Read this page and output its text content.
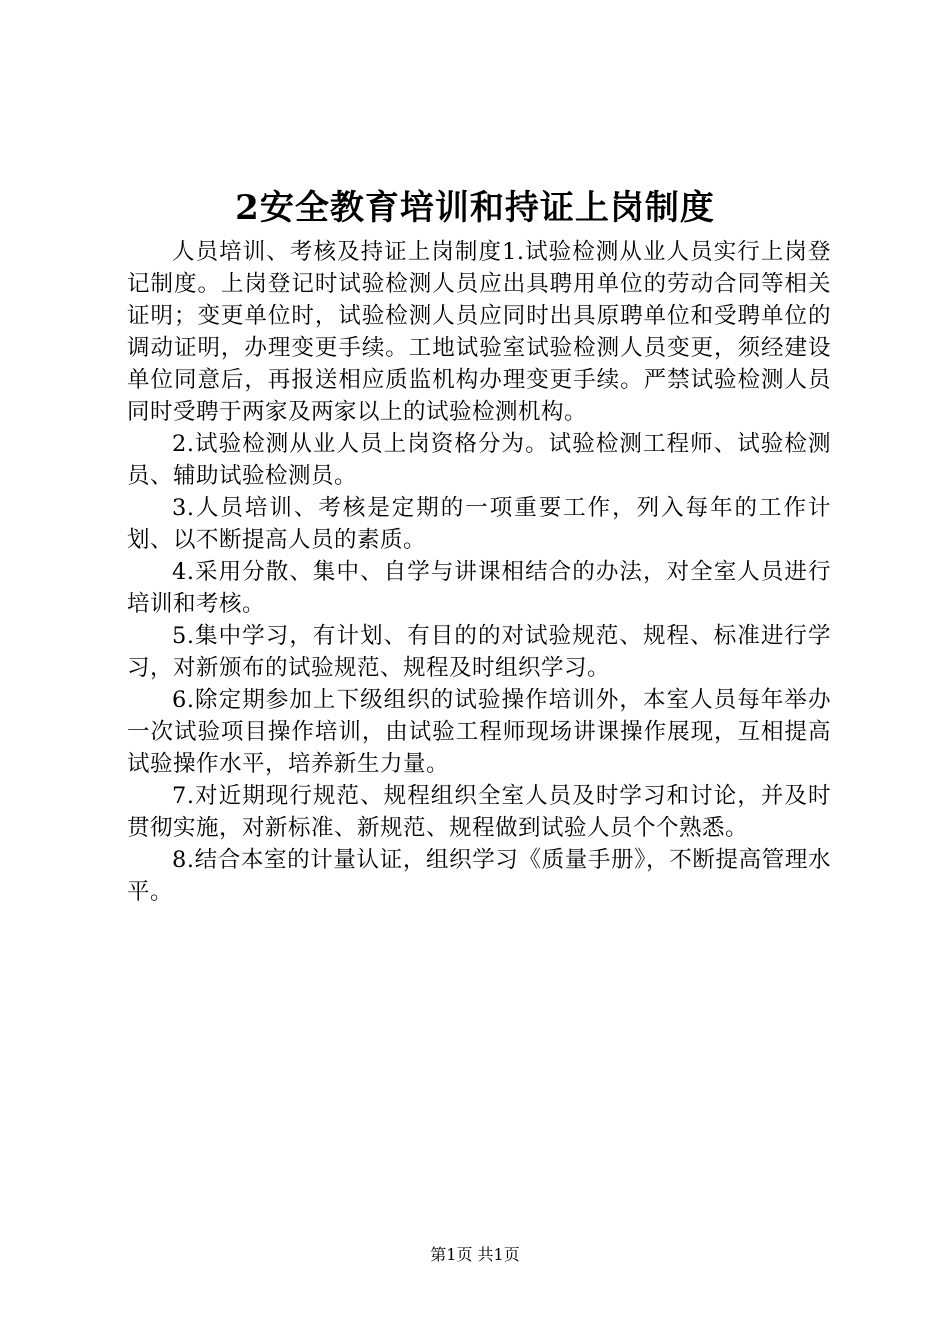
2安全教育培训和持证上岗制度

人员培训、考核及持证上岗制度1.试验检测从业人员实行上岗登记制度。上岗登记时试验检测人员应出具聘用单位的劳动合同等相关证明；变更单位时，试验检测人员应同时出具原聘单位和受聘单位的调动证明，办理变更手续。工地试验室试验检测人员变更，须经建设单位同意后，再报送相应质监机构办理变更手续。严禁试验检测人员同时受聘于两家及两家以上的试验检测机构。

2.试验检测从业人员上岗资格分为。试验检测工程师、试验检测员、辅助试验检测员。

3.人员培训、考核是定期的一项重要工作，列入每年的工作计划、以不断提高人员的素质。

4.采用分散、集中、自学与讲课相结合的办法，对全室人员进行培训和考核。

5.集中学习，有计划、有目的的对试验规范、规程、标准进行学习，对新颁布的试验规范、规程及时组织学习。

6.除定期参加上下级组织的试验操作培训外，本室人员每年举办一次试验项目操作培训，由试验工程师现场讲课操作展现，互相提高试验操作水平，培养新生力量。

7.对近期现行规范、规程组织全室人员及时学习和讨论，并及时贯彻实施，对新标准、新规范、规程做到试验人员个个熟悉。

8.结合本室的计量认证，组织学习《质量手册》，不断提高管理水平。

第1页 共1页
